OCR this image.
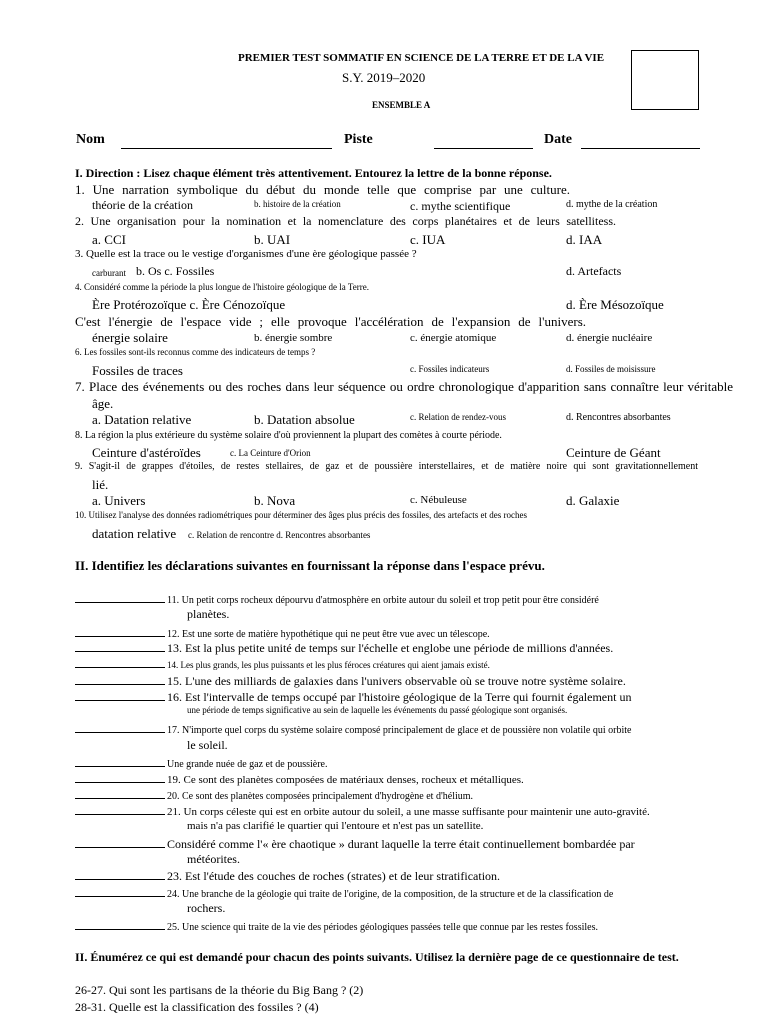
PREMIER TEST SOMMATIF EN SCIENCE DE LA TERRE ET DE LA VIE
S.Y. 2019–2020
ENSEMBLE A
Nom	Piste	Date
I. Direction : Lisez chaque élément très attentivement. Entourez la lettre de la bonne réponse.
1. Une narration symbolique du début du monde telle que comprise par une culture.
théorie de la création	b. histoire de la création	c. mythe scientifique	d. mythe de la création
2. Une organisation pour la nomination et la nomenclature des corps planétaires et de leurs satellitess.
a. CCI	b. UAI	c. IUA	d. IAA
3. Quelle est la trace ou le vestige d'organismes d'une ère géologique passée ?
carburant b. Os c. Fossiles	d. Artefacts
4. Considéré comme la période la plus longue de l'histoire géologique de la Terre.
Ère Protérozoïque c. Ère Cénozoïque	d. Ère Mésozoïque
C'est l'énergie de l'espace vide ; elle provoque l'accélération de l'expansion de l'univers.
énergie solaire	b. énergie sombre	c. énergie atomique	d. énergie nucléaire
6. Les fossiles sont-ils reconnus comme des indicateurs de temps ?
Fossiles de traces	c. Fossiles indicateurs	d. Fossiles de moisissure
7. Place des événements ou des roches dans leur séquence ou ordre chronologique d'apparition sans connaître leur véritable
âge.
a. Datation relative	b. Datation absolue	c. Relation de rendez-vous	d. Rencontres absorbantes
8. La région la plus extérieure du système solaire d'où proviennent la plupart des comètes à courte période.
Ceinture d'astéroïdes	c. La Ceinture d'Orion	Ceinture de Géant
9. S'agit-il de grappes d'étoiles, de restes stellaires, de gaz et de poussière interstellaires, et de matière noire qui sont gravitationnellement
lié.
a. Univers	b. Nova	c. Nébuleuse	d. Galaxie
10. Utilisez l'analyse des données radiométriques pour déterminer des âges plus précis des fossiles, des artefacts et des roches
datation relative c. Relation de rencontre d. Rencontres absorbantes
II. Identifiez les déclarations suivantes en fournissant la réponse dans l'espace prévu.
11. Un petit corps rocheux dépourvu d'atmosphère en orbite autour du soleil et trop petit pour être considéré
planètes.
12. Est une sorte de matière hypothétique qui ne peut être vue avec un télescope.
13. Est la plus petite unité de temps sur l'échelle et englobe une période de millions d'années.
14. Les plus grands, les plus puissants et les plus féroces créatures qui aient jamais existé.
15. L'une des milliards de galaxies dans l'univers observable où se trouve notre système solaire.
16. Est l'intervalle de temps occupé par l'histoire géologique de la Terre qui fournit également un
une période de temps significative au sein de laquelle les événements du passé géologique sont organisés.
17. N'importe quel corps du système solaire composé principalement de glace et de poussière non volatile qui orbite
le soleil.
Une grande nuée de gaz et de poussière.
19. Ce sont des planètes composées de matériaux denses, rocheux et métalliques.
20. Ce sont des planètes composées principalement d'hydrogène et d'hélium.
21. Un corps céleste qui est en orbite autour du soleil, a une masse suffisante pour maintenir une auto-gravité.
mais n'a pas clarifié le quartier qui l'entoure et n'est pas un satellite.
Considéré comme l'« ère chaotique » durant laquelle la terre était continuellement bombardée par
météorites.
23. Est l'étude des couches de roches (strates) et de leur stratification.
24. Une branche de la géologie qui traite de l'origine, de la composition, de la structure et de la classification de
rochers.
25. Une science qui traite de la vie des périodes géologiques passées telle que connue par les restes fossiles.
II. Énumérez ce qui est demandé pour chacun des points suivants. Utilisez la dernière page de ce questionnaire de test.
26-27. Qui sont les partisans de la théorie du Big Bang ? (2)
28-31. Quelle est la classification des fossiles ? (4)
